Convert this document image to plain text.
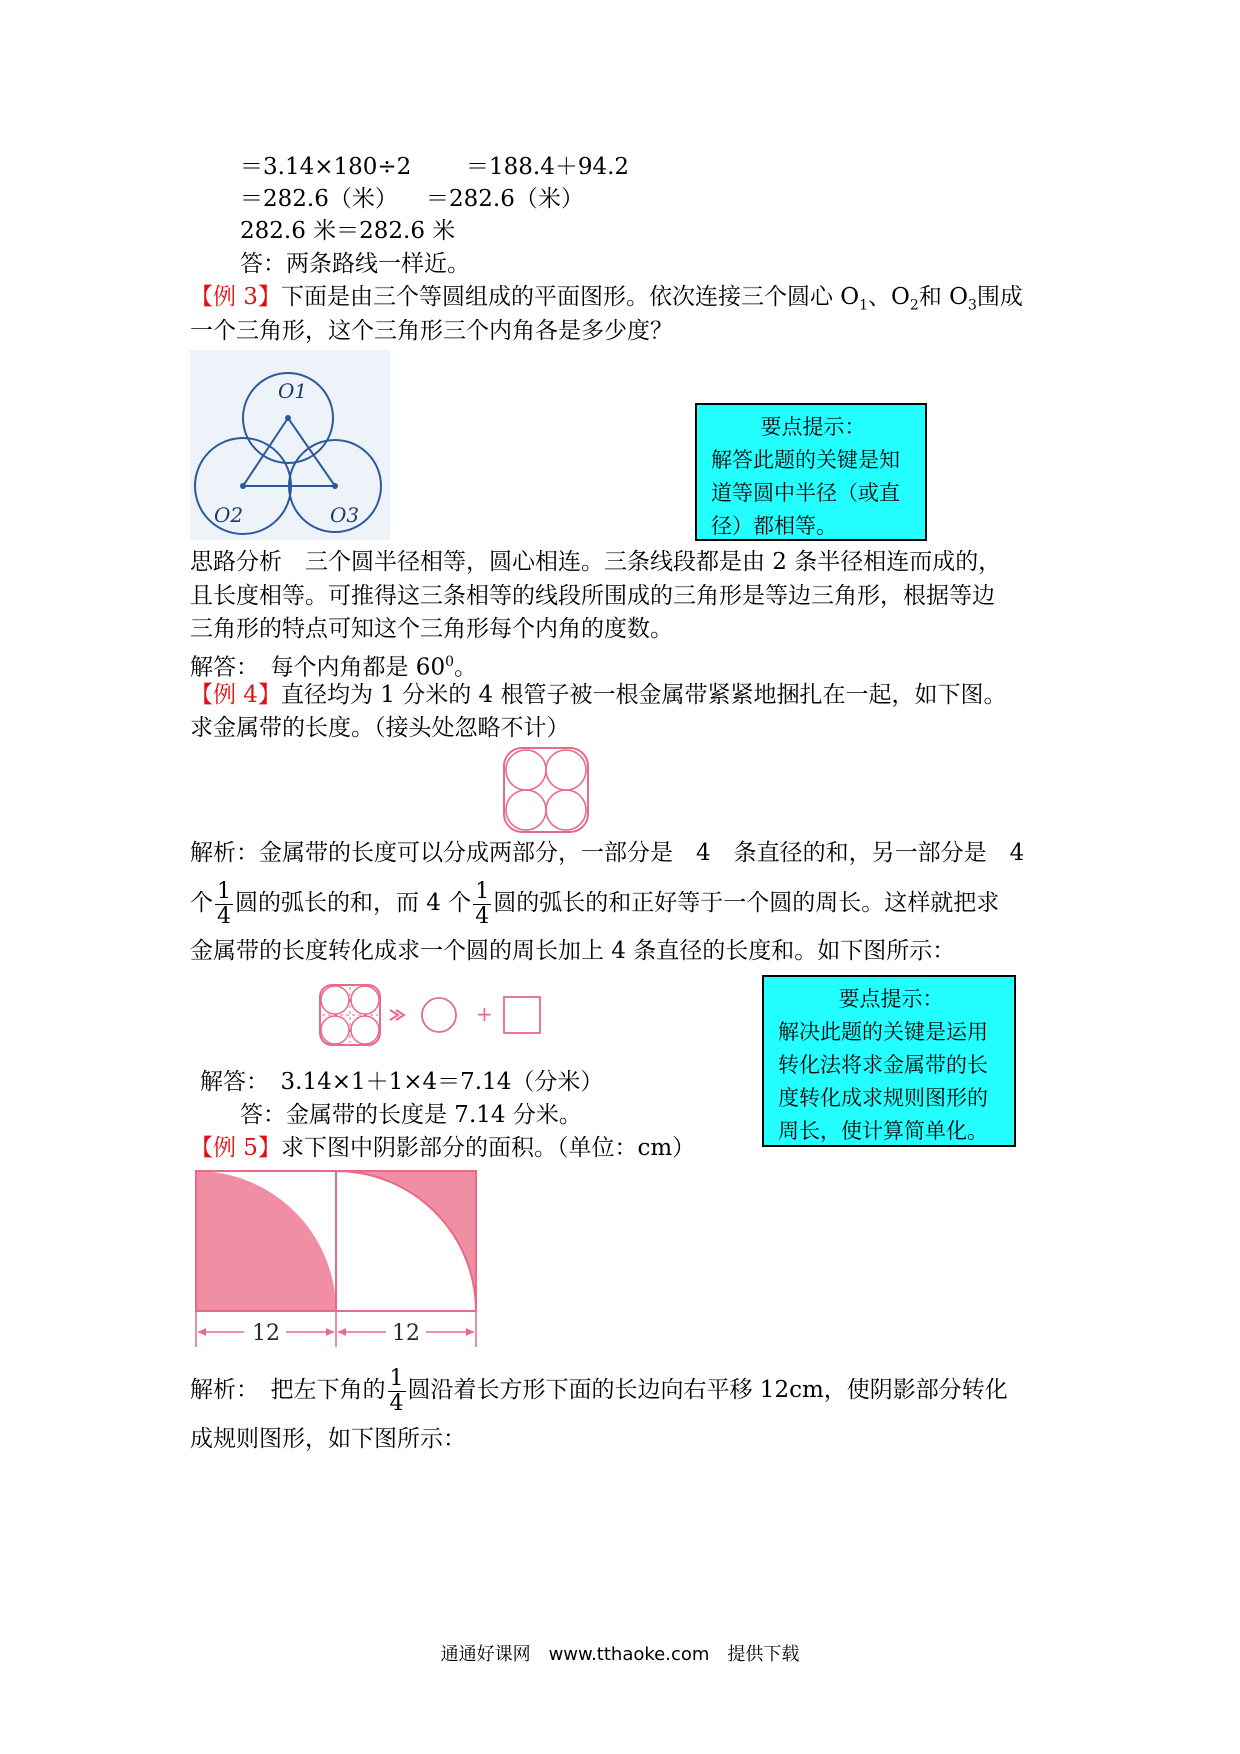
＝3.14×180÷2 ＝188.4＋94.2
＝282.6（米） ＝282.6（米）
282.6 米＝282.6 米
答：两条路线一样近。
【例 3】下面是由三个等圆组成的平面图形。依次连接三个圆心 $O_1$、$O_2$和 $O_3$围成
一个三角形，这个三角形三个内角各是多少度？
O1
O2	O3
要点提示：
解答此题的关键是知
道等圆中半径（或直
径）都相等。
思路分析　三个圆半径相等，圆心相连。三条线段都是由 2 条半径相连而成的，
且长度相等。可推得这三条相等的线段所围成的三角形是等边三角形，根据等边
三角形的特点可知这个三角形每个内角的度数。
解答：　每个内角都是 $60^0$。
【例 4】直径均为 1 分米的 4 根管子被一根金属带紧紧地捆扎在一起，如下图。
求金属带的长度。（接头处忽略不计）
解析：金属带的长度可以分成两部分，一部分是　4　条直径的和，另一部分是　4
个 $\frac{1}{4}$ 圆的弧长的和，而 4 个 $\frac{1}{4}$ 圆的弧长的和正好等于一个圆的周长。这样就把求
金属带的长度转化成求一个圆的周长加上 4 条直径的长度和。如下图所示：
+
要点提示：
解决此题的关键是运用
转化法将求金属带的长
度转化成求规则图形的
周长，使计算简单化。
解答：　3.14×1＋1×4＝7.14（分米）
答：金属带的长度是 7.14 分米。
【例 5】求下图中阴影部分的面积。（单位：cm）
12	12
解析：　把左下角的 $\frac{1}{4}$ 圆沿着长方形下面的长边向右平移 12cm，使阴影部分转化
成规则图形，如下图所示：
通通好课网　www.tthaoke.com　提供下载
